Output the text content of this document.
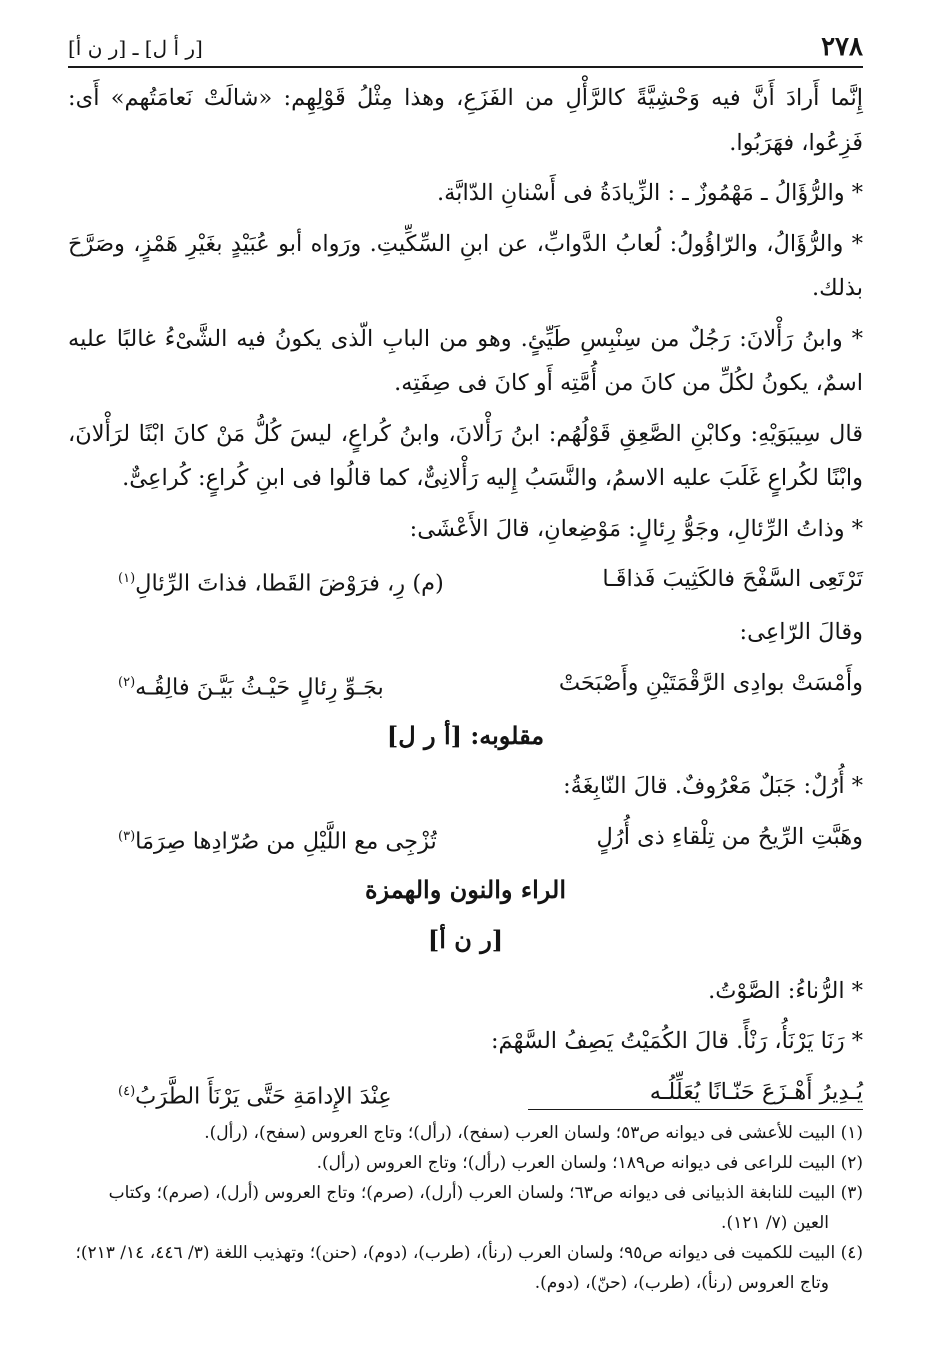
٢٧٨
[ر أ ل] ـ [ر ن أ]

إِنَّما أَرادَ أَنَّ فيه وَحْشِيَّةً كالرَّأْلِ من الفَزَعِ، وهذا مِثْلُ قَوْلِهِم: «شالَتْ نَعامَتُهم» أَى: فَزِعُوا، فهَرَبُوا.

* والرُّؤَالُ ـ مَهْمُوزٌ ـ : الزِّيادَةُ فى أَسْنانِ الدّابَّة.

* والرُّؤَالُ، والرّاؤُولُ: لُعابُ الدَّوابِّ، عن ابنِ السِّكِّيتِ. ورَواه أبو عُبَيْدٍ بغَيْرِ هَمْزٍ، وصَرَّحَ بذلك.

* وابنُ رَأْلانَ: رَجُلٌ من سِنْبِسِ طَيِّئٍ. وهو من البابِ الّذى يكونُ فيه الشَّىْءُ غالبًا عليه اسمٌ، يكونُ لكُلِّ من كانَ من أُمَّتِه أَو كانَ فى صِفَتِه.

قال سِيبَوَيْهِ: وكابْنِ الصَّعِقِ قَوْلُهُم: ابنُ رَأْلانَ، وابنُ كُراعٍ، ليسَ كُلُّ مَنْ كانَ ابْنًا لرَأْلانَ، وابْنًا لكُراعٍ غَلَبَ عليه الاسمُ، والنَّسَبُ إِليه رَأْلانِىٌّ، كما قالُوا فى ابنِ كُراعٍ: كُراعِىٌّ.

* وذاتُ الرِّئالِ، وجَوُّ رِئالٍ: مَوْضِعانِ، قالَ الأَعْشَى:

تَرْتَعِى السَّفْحَ فالكَثِيبَ فَذاقَـا
(م) رِ، فرَوْضَ القَطا، فذاتَ الرِّئالِ$^{(١)}$

وقالَ الرّاعِى:

وأَمْسَتْ بوادِى الرَّقْمَتَيْنِ وأَصْبَحَتْ
بجَـوِّ رِئالٍ حَيْـثُ بَيَّـنَ فالِقُـه$^{(٢)}$
مقلوبه: [أ ر ل]

* أُرُلٌ: جَبَلٌ مَعْرُوفٌ. قالَ النّابِغَةُ:

وهَبَّتِ الرِّيحُ من تِلْقاءِ ذى أُرُلٍ
تُزْجِى مع اللَّيْلِ من صُرّادِها صِرَمَا$^{(٣)}$
الراء والنون والهمزة
[ر ن أ]

* الرُّناءُ: الصَّوْتُ.

* رَنَا يَرْنَأُ، رَنْأً. قالَ الكُمَيْتُ يَصِفُ السَّهْمَ:

يُـدِيرُ أَهْـزَعَ حَنّـانًا يُعَلِّلُـه
عِنْدَ الإِدامَةِ حَتَّى يَرْنَأَ الطَّرَبُ$^{(٤)}$

(١) البيت للأعشى فى ديوانه ص٥٣؛ ولسان العرب (سفح)، (رأل)؛ وتاج العروس (سفح)، (رأل).

(٢) البيت للراعى فى ديوانه ص١٨٩؛ ولسان العرب (رأل)؛ وتاج العروس (رأل).

(٣) البيت للنابغة الذبيانى فى ديوانه ص٦٣؛ ولسان العرب (أرل)، (صرم)؛ وتاج العروس (أرل)، (صرم)؛ وكتاب العين (٧/ ١٢١).

(٤) البيت للكميت فى ديوانه ص٩٥؛ ولسان العرب (رنأ)، (طرب)، (دوم)، (حنن)؛ وتهذيب اللغة (٣/ ٤٤٦، ١٤/ ٢١٣)؛ وتاج العروس (رنأ)، (طرب)، (حنّ)، (دوم).
